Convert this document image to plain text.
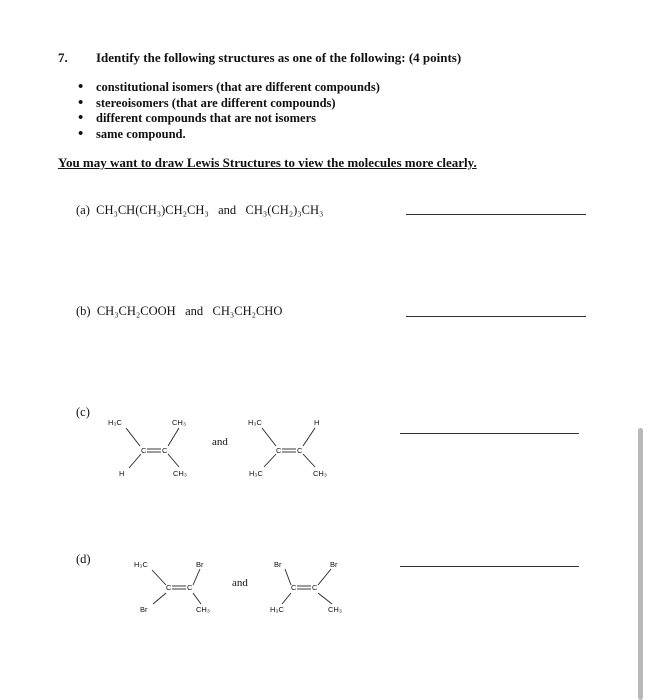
7. Identify the following structures as one of the following: (4 points)
• constitutional isomers (that are different compounds)
• stereoisomers (that are different compounds)
• different compounds that are not isomers
• same compound.
You may want to draw Lewis Structures to view the molecules more clearly.
(a) CH₃CH(CH₃)CH₂CH₃ and CH₃(CH₂)₃CH₃
(b) CH₃CH₂COOH and CH₃CH₂CHO
(c)
and
H₃C	CH₃
C C
H	CH₃
H₃C	H
C C
H₃C	CH₃
H₃C	Br
C C
Br	CH₃
Br	Br
C C
H₃C	CH₃
(d)
and
